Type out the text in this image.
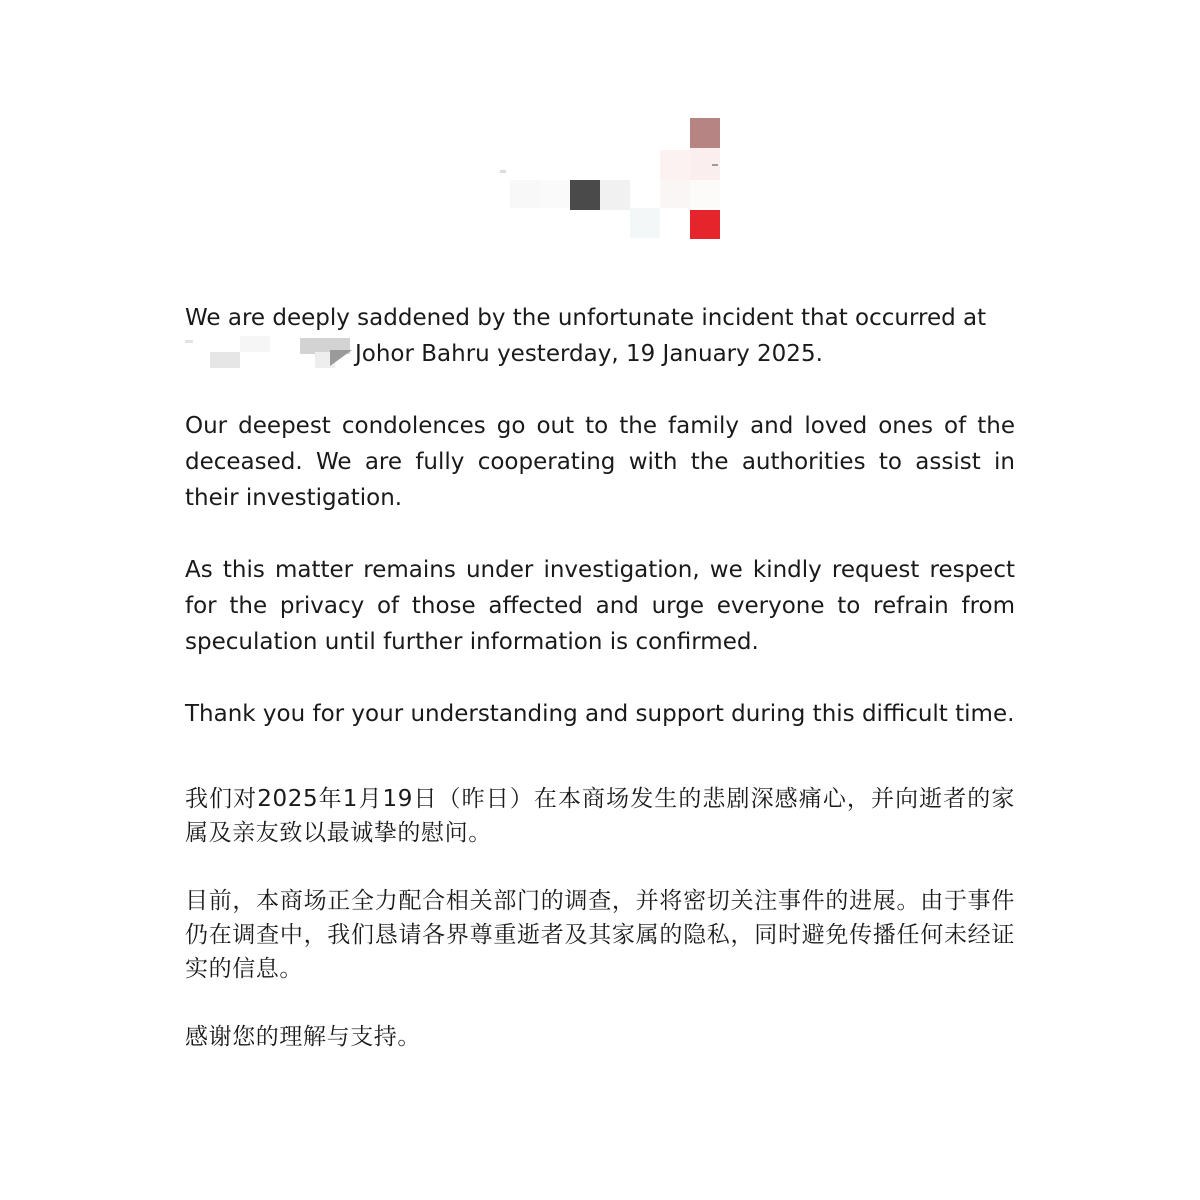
We are deeply saddened by the unfortunate incident that occurred at

Johor Bahru yesterday, 19 January 2025.

Our deepest condolences go out to the family and loved ones of the deceased. We are fully cooperating with the authorities to assist in their investigation.

As this matter remains under investigation, we kindly request respect for the privacy of those affected and urge everyone to refrain from speculation until further information is confirmed.

Thank you for your understanding and support during this difficult time.

我们对2025年1月19日（昨日）在本商场发生的悲剧深感痛心，并向逝者的家属及亲友致以最诚挚的慰问。

目前，本商场正全力配合相关部门的调查，并将密切关注事件的进展。由于事件仍在调查中，我们恳请各界尊重逝者及其家属的隐私，同时避免传播任何未经证实的信息。

感谢您的理解与支持。
